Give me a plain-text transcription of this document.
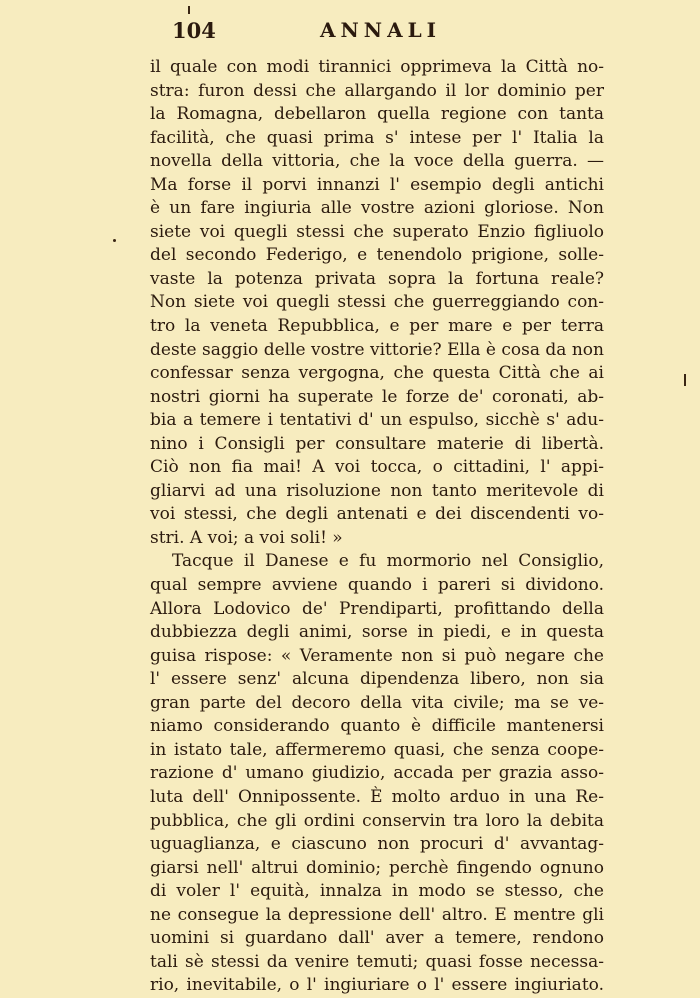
104	ANNALI
il quale con modi tirannici opprimeva la Città no-
stra: furon dessi che allargando il lor dominio per
la Romagna, debellaron quella regione con tanta
facilità, che quasi prima s' intese per l' Italia la
novella della vittoria, che la voce della guerra. —
Ma forse il porvi innanzi l' esempio degli antichi
è un fare ingiuria alle vostre azioni gloriose. Non
siete voi quegli stessi che superato Enzio figliuolo
del secondo Federigo, e tenendolo prigione, solle-
vaste la potenza privata sopra la fortuna reale?
Non siete voi quegli stessi che guerreggiando con-
tro la veneta Repubblica, e per mare e per terra
deste saggio delle vostre vittorie? Ella è cosa da non
confessar senza vergogna, che questa Città che ai
nostri giorni ha superate le forze de' coronati, ab-
bia a temere i tentativi d' un espulso, sicchè s' adu-
nino i Consigli per consultare materie di libertà.
Ciò non fia mai! A voi tocca, o cittadini, l' appi-
gliarvi ad una risoluzione non tanto meritevole di
voi stessi, che degli antenati e dei discendenti vo-
stri. A voi; a voi soli! »
Tacque il Danese e fu mormorio nel Consiglio,
qual sempre avviene quando i pareri si dividono.
Allora Lodovico de' Prendiparti, profittando della
dubbiezza degli animi, sorse in piedi, e in questa
guisa rispose: « Veramente non si può negare che
l' essere senz' alcuna dipendenza libero, non sia
gran parte del decoro della vita civile; ma se ve-
niamo considerando quanto è difficile mantenersi
in istato tale, affermeremo quasi, che senza coope-
razione d' umano giudizio, accada per grazia asso-
luta dell' Onnipossente. È molto arduo in una Re-
pubblica, che gli ordini conservin tra loro la debita
uguaglianza, e ciascuno non procuri d' avvantag-
giarsi nell' altrui dominio; perchè fingendo ognuno
di voler l' equità, innalza in modo se stesso, che
ne consegue la depressione dell' altro. E mentre gli
uomini si guardano dall' aver a temere, rendono
tali sè stessi da venire temuti; quasi fosse necessa-
rio, inevitabile, o l' ingiuriare o l' essere ingiuriato.
